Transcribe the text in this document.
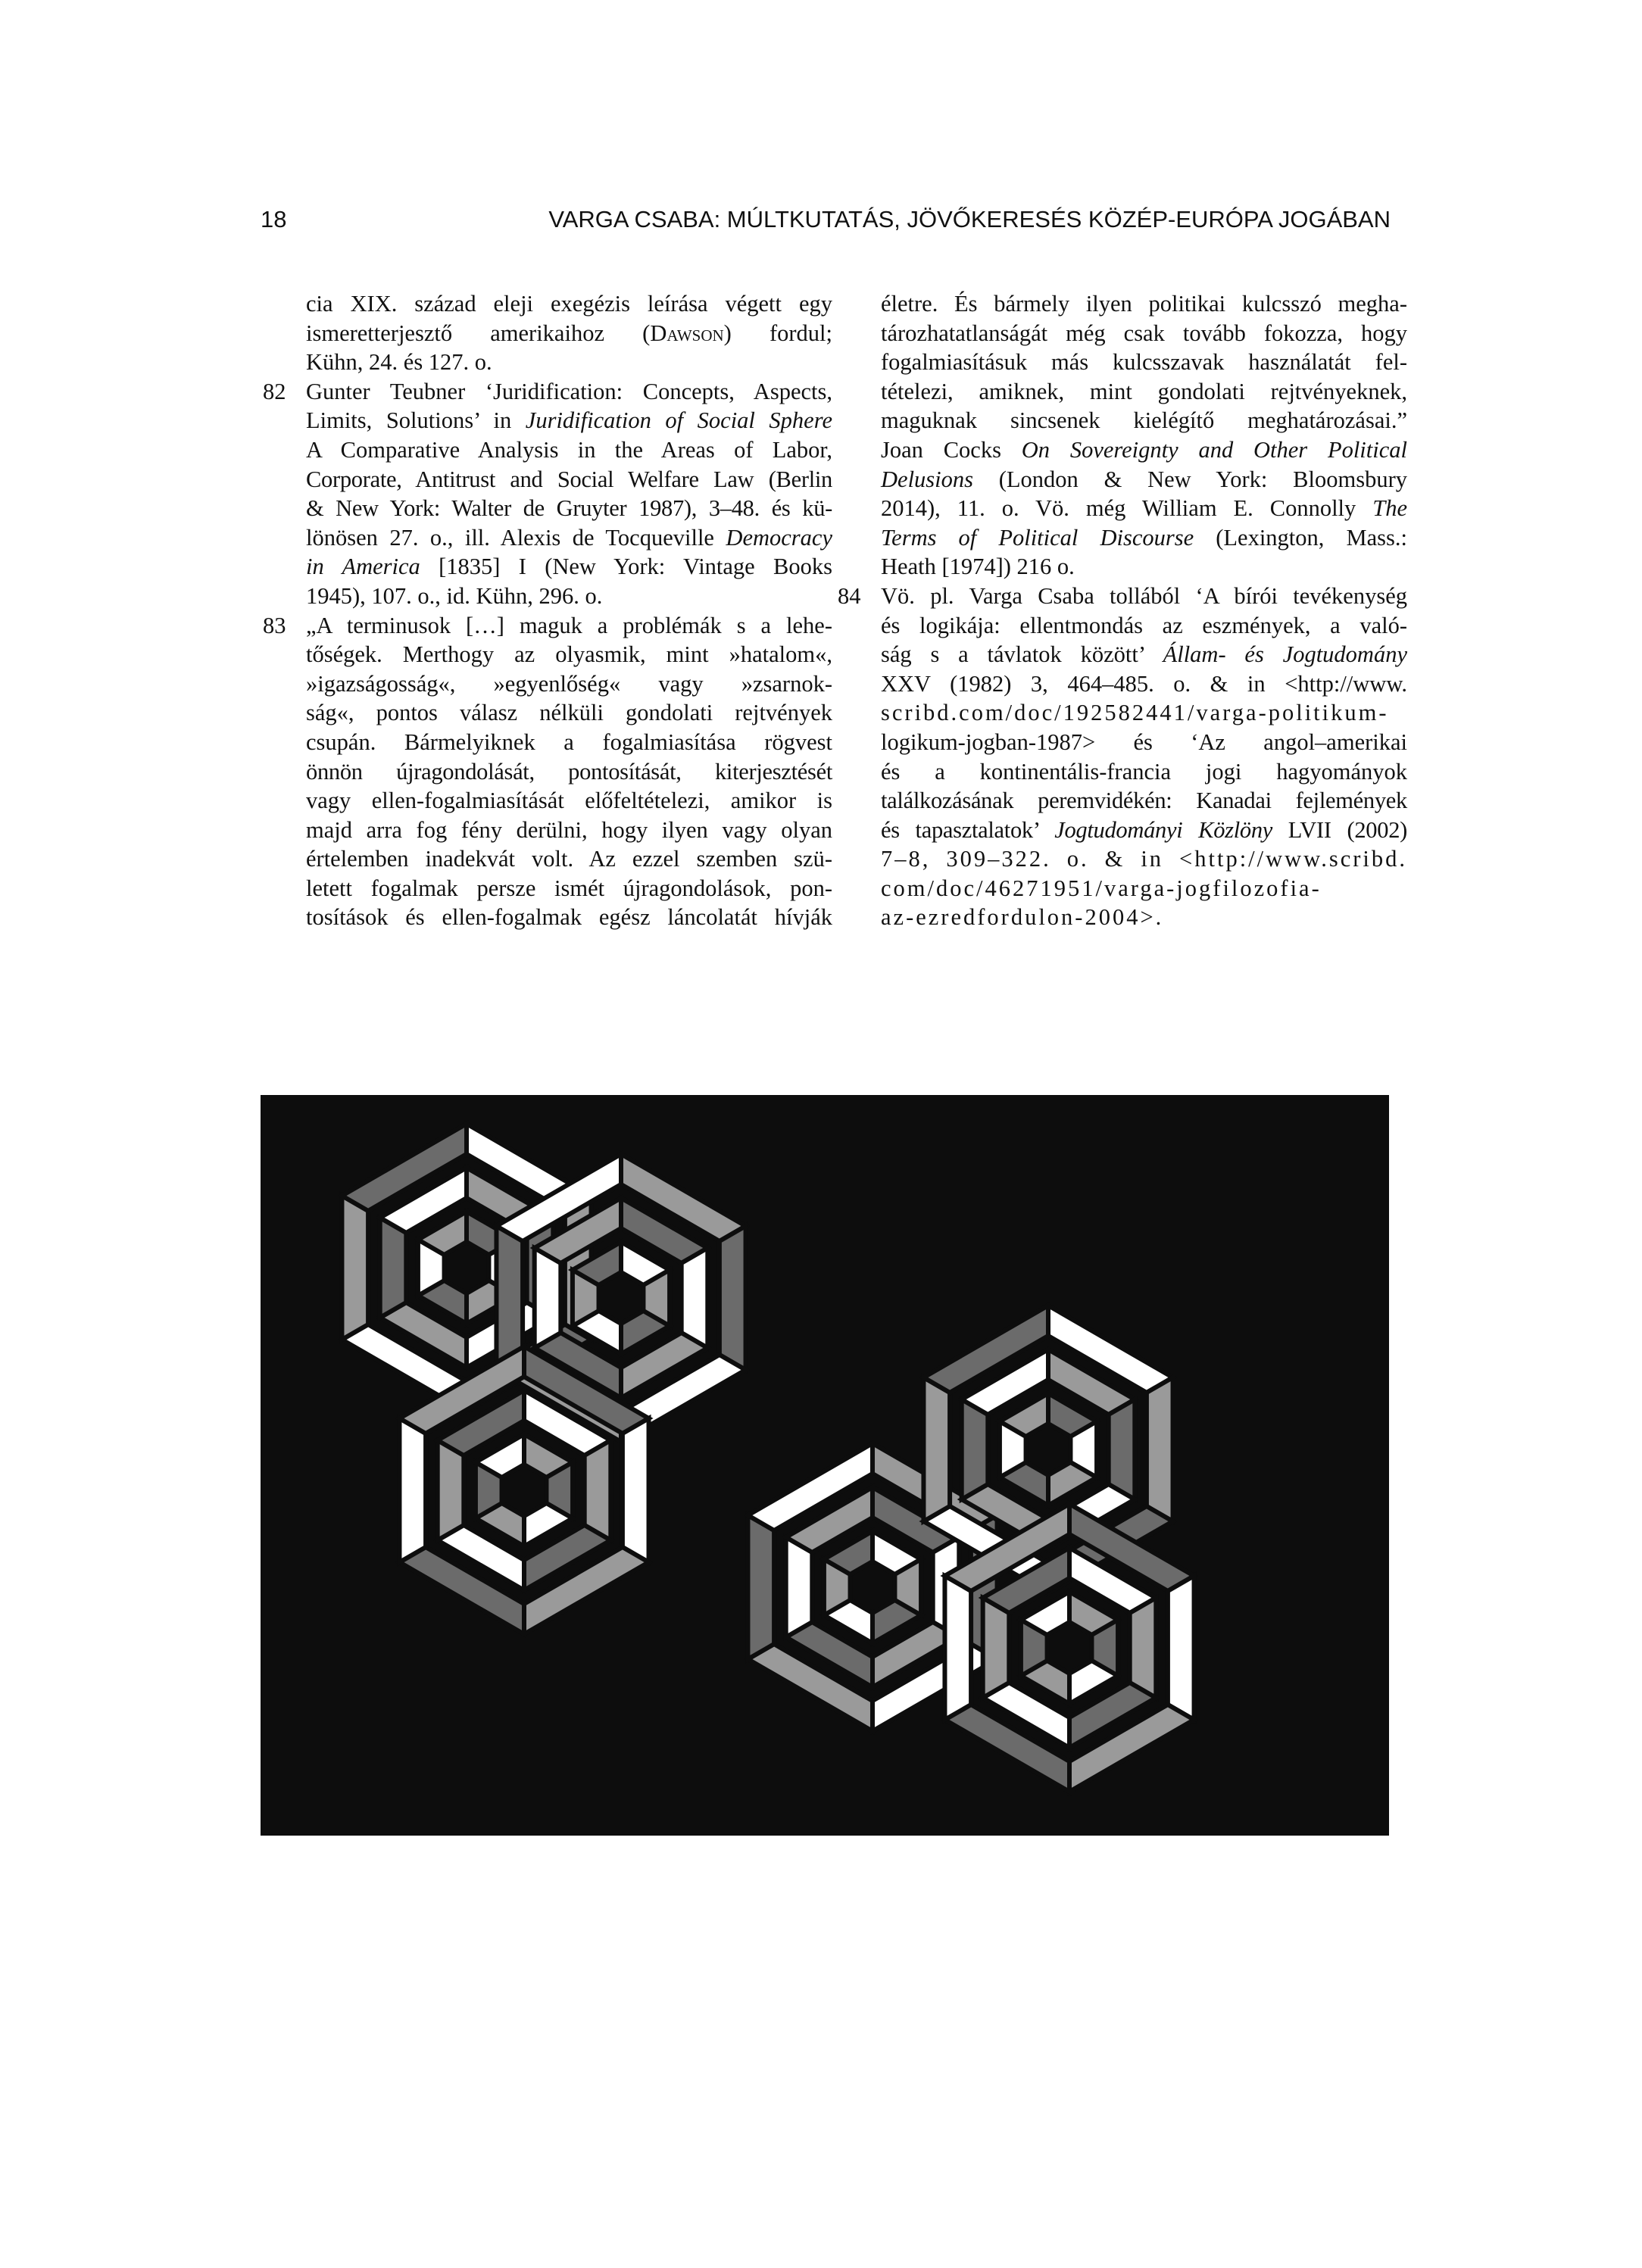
18	VARGA CSABA: MÚLTKUTATÁS, JÖVŐKERESÉS KÖZÉP-EURÓPA JOGÁBAN
cia XIX. század eleji exegézis leírása végett egy
ismeretterjesztő amerikaihoz (Dawson) fordul;
Kühn, 24. és 127. o.
82 Gunter Teubner ‘Juridification: Concepts, Aspects,
Limits, Solutions’ in Juridification of Social Sphere
A Comparative Analysis in the Areas of Labor,
Corporate, Antitrust and Social Welfare Law (Berlin
& New York: Walter de Gruyter 1987), 3–48. és kü-
lönösen 27. o., ill. Alexis de Tocqueville Democracy
in America [1835] I (New York: Vintage Books
1945), 107. o., id. Kühn, 296. o.
83 „A terminusok […] maguk a problémák s a lehe-
tőségek. Merthogy az olyasmik, mint »hatalom«,
»igazságosság«, »egyenlőség« vagy »zsarnok-
ság«, pontos válasz nélküli gondolati rejtvények
csupán. Bármelyiknek a fogalmiasítása rögvest
önnön újragondolását, pontosítását, kiterjesztését
vagy ellen-fogalmiasítását előfeltételezi, amikor is
majd arra fog fény derülni, hogy ilyen vagy olyan
értelemben inadekvát volt. Az ezzel szemben szü-
letett fogalmak persze ismét újragondolások, pon-
tosítások és ellen-fogalmak egész láncolatát hívják
életre. És bármely ilyen politikai kulcsszó megha-
tározhatatlanságát még csak tovább fokozza, hogy
fogalmiasításuk más kulcsszavak használatát fel-
tételezi, amiknek, mint gondolati rejtvényeknek,
maguknak sincsenek kielégítő meghatározásai.”
Joan Cocks On Sovereignty and Other Political
Delusions (London & New York: Bloomsbury
2014), 11. o. Vö. még William E. Connolly The
Terms of Political Discourse (Lexington, Mass.:
Heath [1974]) 216 o.
84 Vö. pl. Varga Csaba tollából ‘A bírói tevékenység
és logikája: ellentmondás az eszmények, a való-
ság s a távlatok között’ Állam- és Jogtudomány
XXV (1982) 3, 464–485. o. & in <http://www.
scribd.com/doc/192582441/varga-politikum-
logikum-jogban-1987> és ‘Az angol–amerikai
és a kontinentális-francia jogi hagyományok
találkozásának peremvidékén: Kanadai fejlemények
és tapasztalatok’ Jogtudományi Közlöny LVII (2002)
7–8, 309–322. o. & in <http://www.scribd.
com/doc/46271951/varga-jogfilozofia-
az-ezredfordulon-2004>.
